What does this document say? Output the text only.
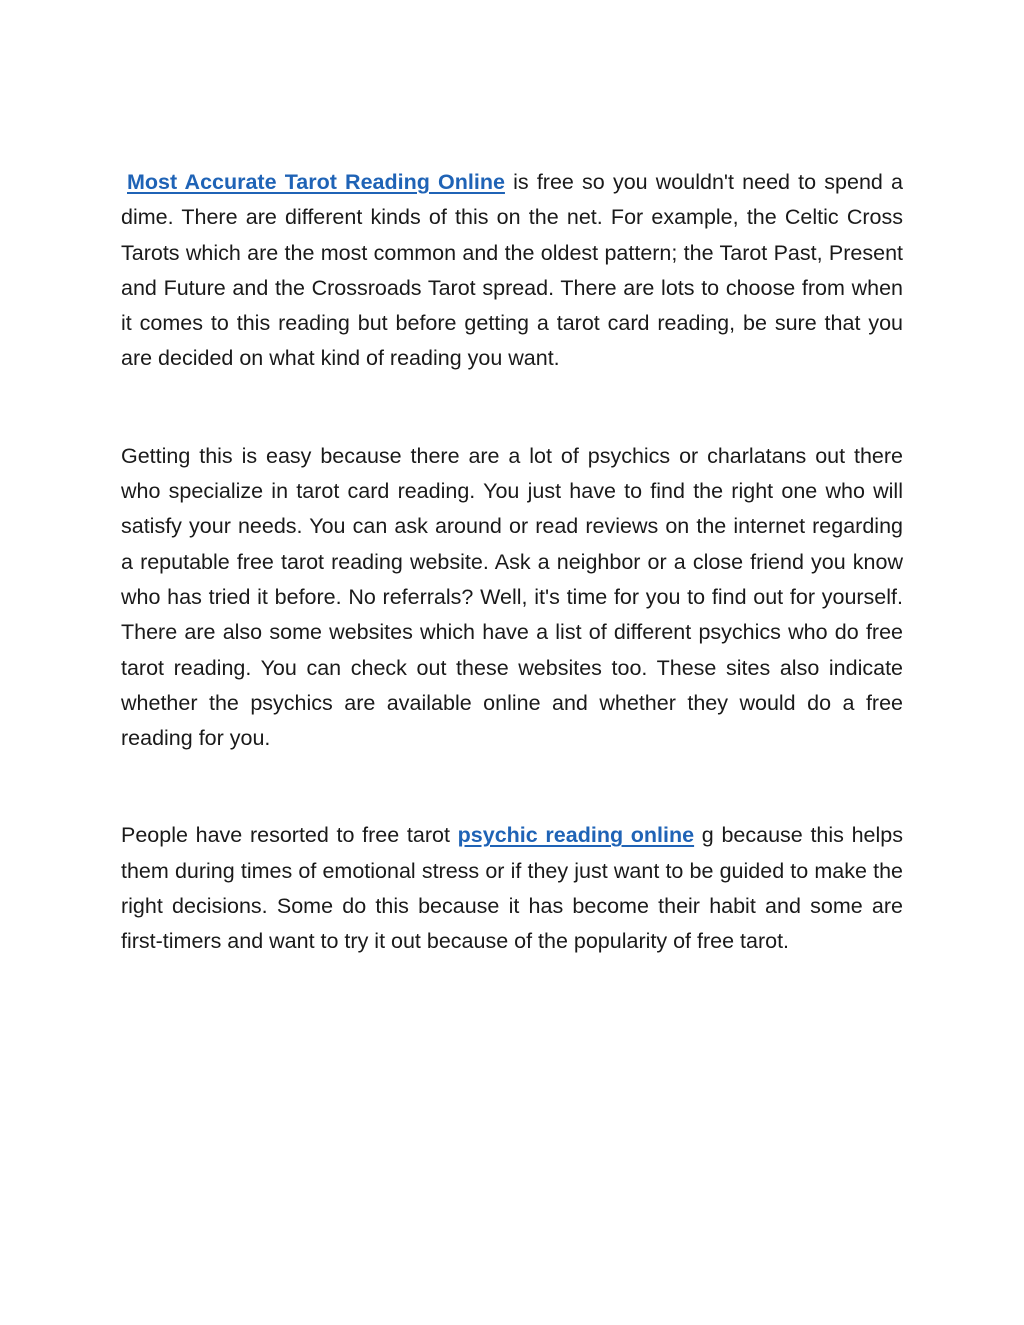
Most Accurate Tarot Reading Online is free so you wouldn't need to spend a dime. There are different kinds of this on the net. For example, the Celtic Cross Tarots which are the most common and the oldest pattern; the Tarot Past, Present and Future and the Crossroads Tarot spread. There are lots to choose from when it comes to this reading but before getting a tarot card reading, be sure that you are decided on what kind of reading you want.

Getting this is easy because there are a lot of psychics or charlatans out there who specialize in tarot card reading. You just have to find the right one who will satisfy your needs. You can ask around or read reviews on the internet regarding a reputable free tarot reading website. Ask a neighbor or a close friend you know who has tried it before. No referrals? Well, it's time for you to find out for yourself. There are also some websites which have a list of different psychics who do free tarot reading. You can check out these websites too. These sites also indicate whether the psychics are available online and whether they would do a free reading for you.

People have resorted to free tarot psychic reading online g because this helps them during times of emotional stress or if they just want to be guided to make the right decisions. Some do this because it has become their habit and some are first-timers and want to try it out because of the popularity of free tarot.
